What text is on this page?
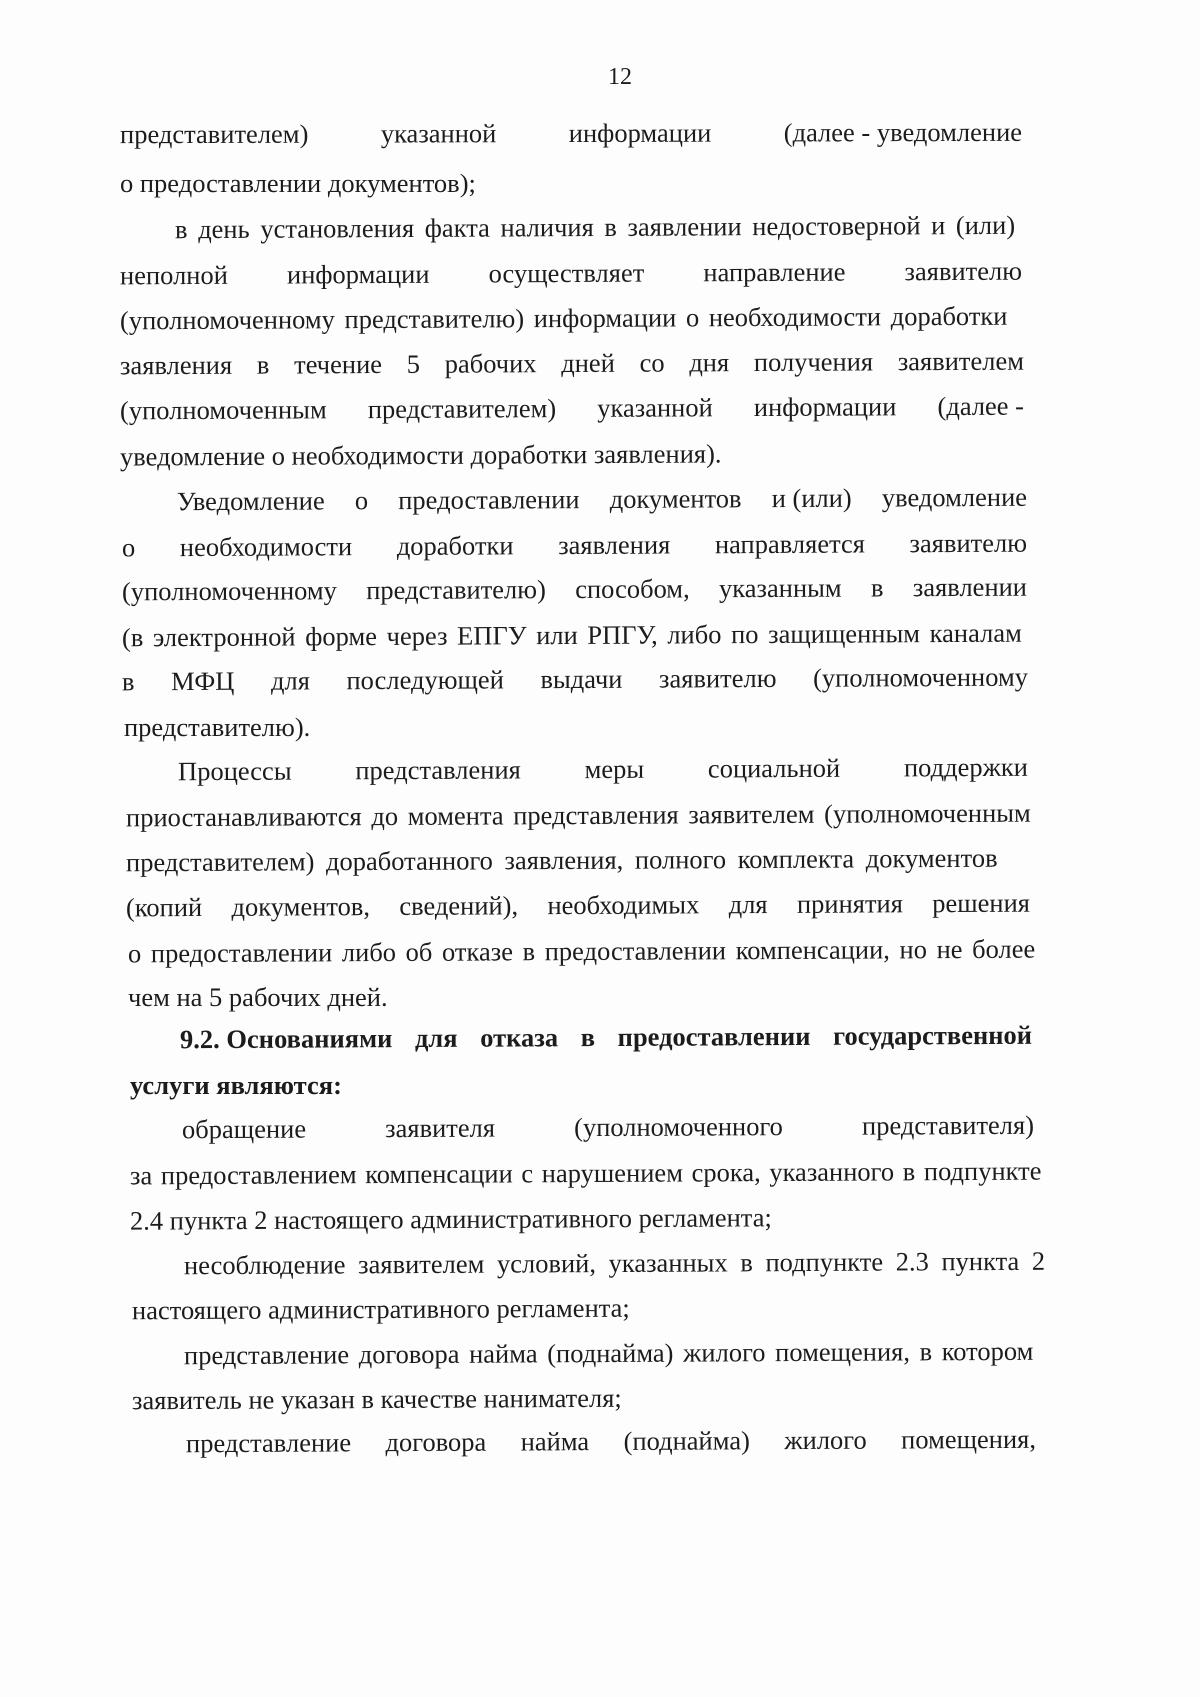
12
представителем)	указанной	информации	(далее - уведомление
о предоставлении документов);
в день установления факта наличия в заявлении недостоверной и (или)
неполной информации осуществляет направление заявителю
(уполномоченному представителю) информации о необходимости доработки
заявления в течение 5 рабочих дней со дня получения заявителем
(уполномоченным представителем) указанной информации (далее -
уведомление о необходимости доработки заявления).
Уведомление о предоставлении документов и (или) уведомление
о необходимости доработки заявления направляется заявителю
(уполномоченному представителю) способом, указанным в заявлении
(в электронной форме через ЕПГУ или РПГУ, либо по защищенным каналам
в МФЦ для последующей выдачи заявителю (уполномоченному
представителю).
Процессы представления меры социальной поддержки
приостанавливаются до момента представления заявителем (уполномоченным
представителем) доработанного заявления, полного комплекта документов
(копий документов, сведений), необходимых для принятия решения
о предоставлении либо об отказе в предоставлении компенсации, но не более
чем на 5 рабочих дней.
9.2. Основаниями для отказа в предоставлении государственной
услуги являются:
обращение	заявителя	(уполномоченного	представителя)
за предоставлением компенсации с нарушением срока, указанного в подпункте
2.4 пункта 2 настоящего административного регламента;
несоблюдение заявителем условий, указанных в подпункте 2.3 пункта 2
настоящего административного регламента;
представление договора найма (поднайма) жилого помещения, в котором
заявитель не указан в качестве нанимателя;
представление договора найма (поднайма) жилого помещения,
